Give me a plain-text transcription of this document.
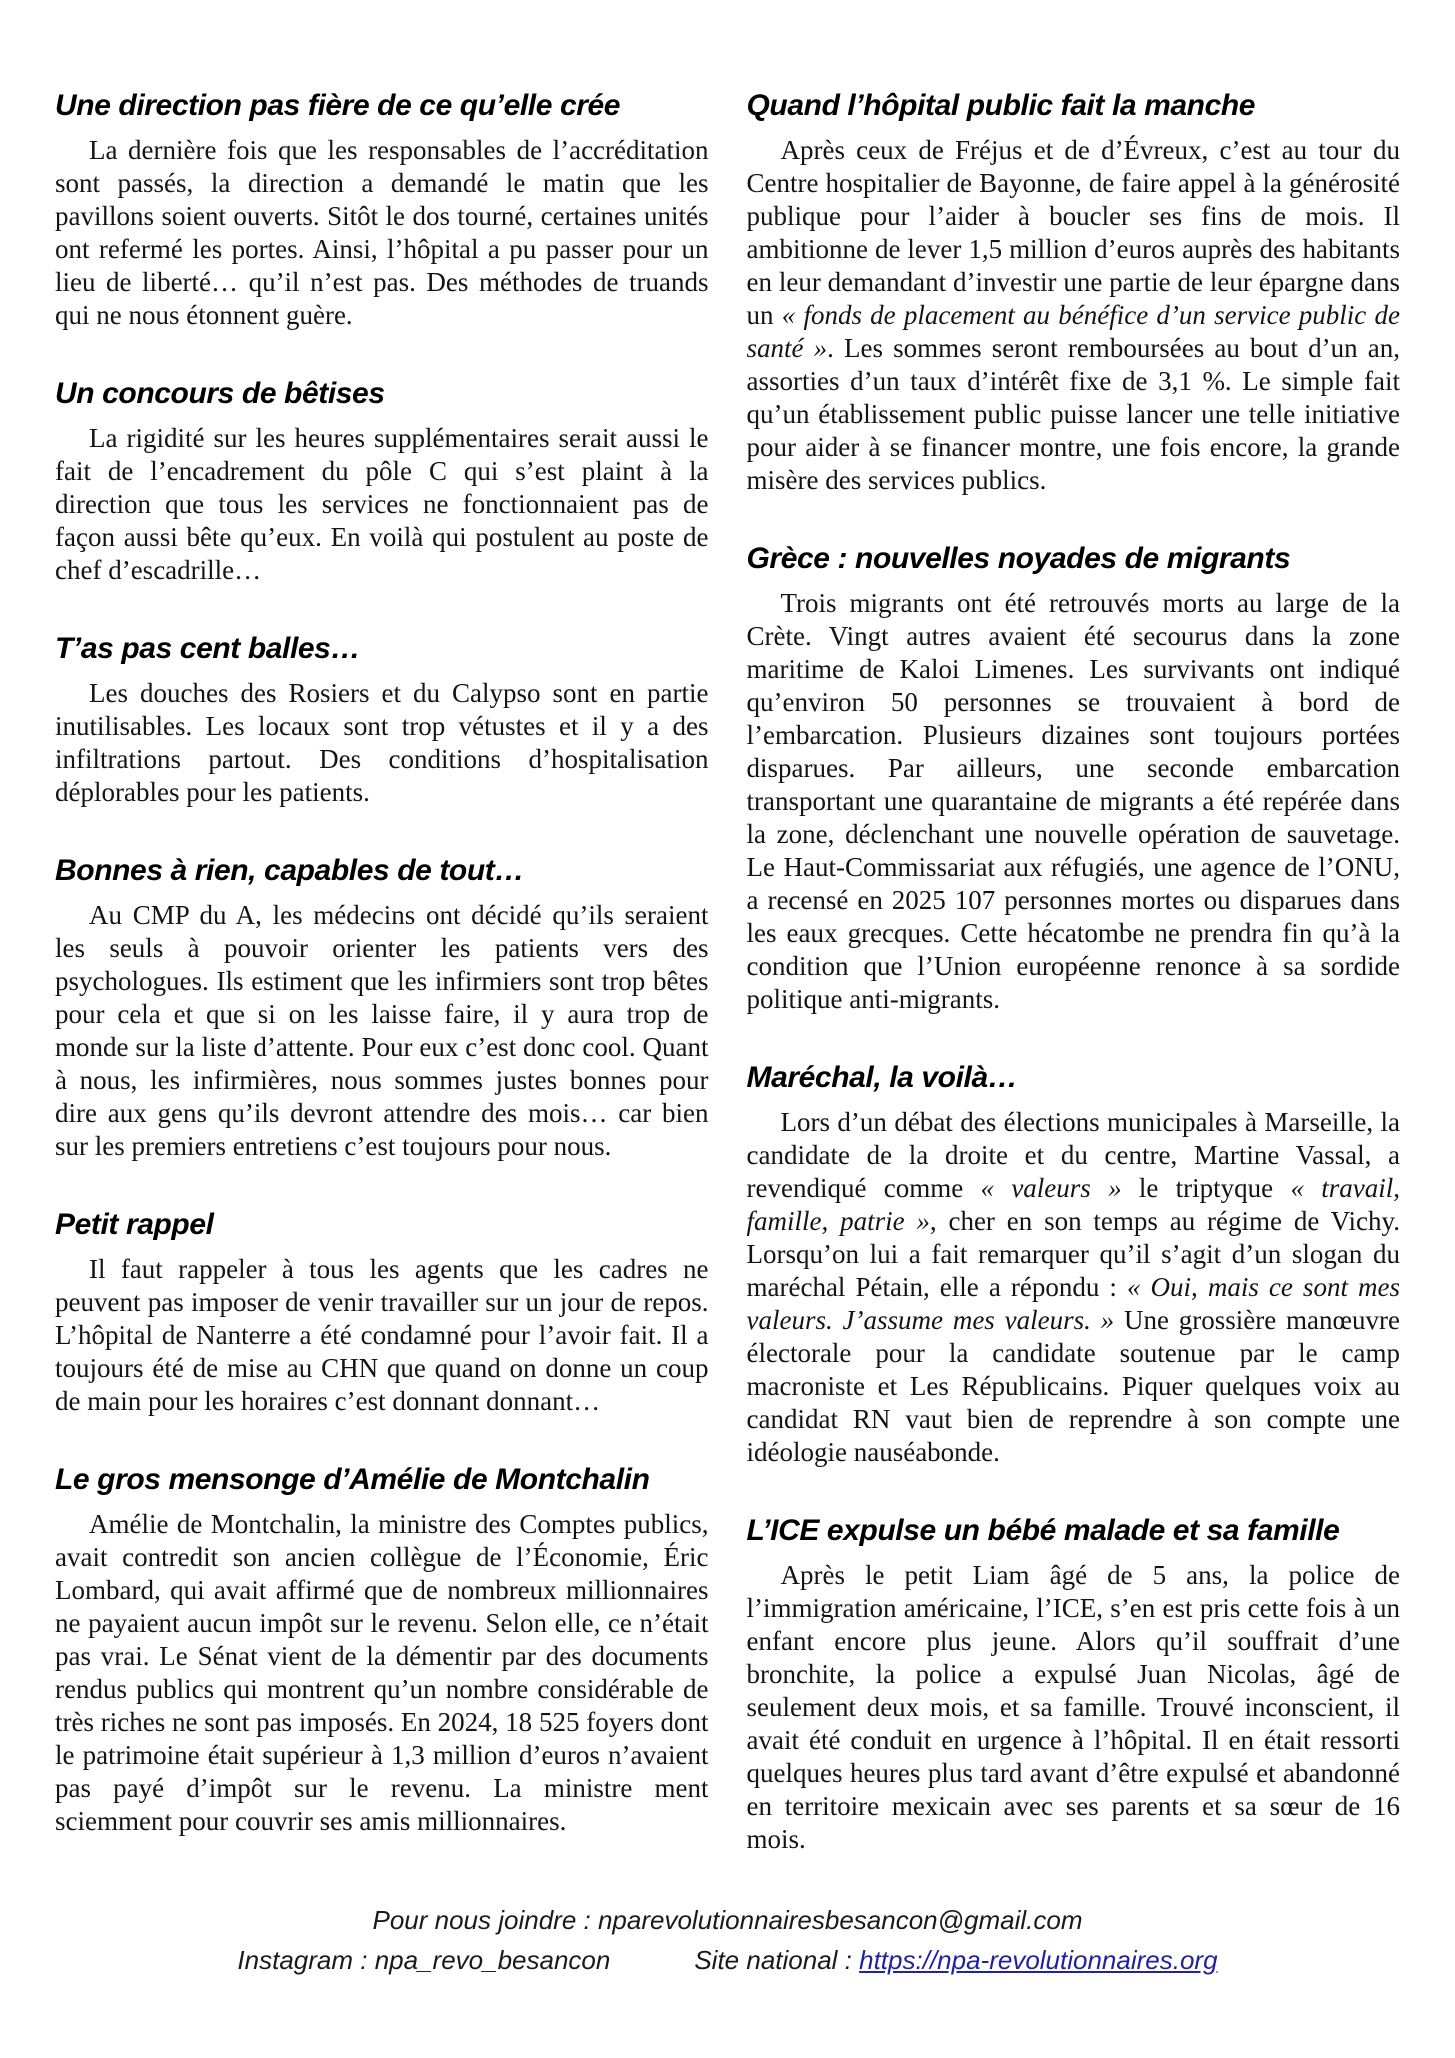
Une direction pas fière de ce qu’elle crée

La dernière fois que les responsables de l’accréditation sont passés, la direction a demandé le matin que les pavillons soient ouverts. Sitôt le dos tourné, certaines unités ont refermé les portes. Ainsi, l’hôpital a pu passer pour un lieu de liberté… qu’il n’est pas. Des méthodes de truands qui ne nous étonnent guère.

Un concours de bêtises

La rigidité sur les heures supplémentaires serait aussi le fait de l’encadrement du pôle C qui s’est plaint à la direction que tous les services ne fonctionnaient pas de façon aussi bête qu’eux. En voilà qui postulent au poste de chef d’escadrille…

T’as pas cent balles…

Les douches des Rosiers et du Calypso sont en partie inutilisables. Les locaux sont trop vétustes et il y a des infiltrations partout. Des conditions d’hospitalisation déplorables pour les patients.

Bonnes à rien, capables de tout…

Au CMP du A, les médecins ont décidé qu’ils seraient les seuls à pouvoir orienter les patients vers des psychologues. Ils estiment que les infirmiers sont trop bêtes pour cela et que si on les laisse faire, il y aura trop de monde sur la liste d’attente. Pour eux c’est donc cool. Quant à nous, les infirmières, nous sommes justes bonnes pour dire aux gens qu’ils devront attendre des mois… car bien sur les premiers entretiens c’est toujours pour nous.

Petit rappel

Il faut rappeler à tous les agents que les cadres ne peuvent pas imposer de venir travailler sur un jour de repos. L’hôpital de Nanterre a été condamné pour l’avoir fait. Il a toujours été de mise au CHN que quand on donne un coup de main pour les horaires c’est donnant donnant…

Le gros mensonge d’Amélie de Montchalin

Amélie de Montchalin, la ministre des Comptes publics, avait contredit son ancien collègue de l’Économie, Éric Lombard, qui avait affirmé que de nombreux millionnaires ne payaient aucun impôt sur le revenu. Selon elle, ce n’était pas vrai. Le Sénat vient de la démentir par des documents rendus publics qui montrent qu’un nombre considérable de très riches ne sont pas imposés. En 2024, 18 525 foyers dont le patrimoine était supérieur à 1,3 million d’euros n’avaient pas payé d’impôt sur le revenu. La ministre ment sciemment pour couvrir ses amis millionnaires.

Quand l’hôpital public fait la manche

Après ceux de Fréjus et de d’Évreux, c’est au tour du Centre hospitalier de Bayonne, de faire appel à la générosité publique pour l’aider à boucler ses fins de mois. Il ambitionne de lever 1,5 million d’euros auprès des habitants en leur demandant d’investir une partie de leur épargne dans un « fonds de placement au bénéfice d’un service public de santé ». Les sommes seront remboursées au bout d’un an, assorties d’un taux d’intérêt fixe de 3,1 %. Le simple fait qu’un établissement public puisse lancer une telle initiative pour aider à se financer montre, une fois encore, la grande misère des services publics.

Grèce : nouvelles noyades de migrants

Trois migrants ont été retrouvés morts au large de la Crète. Vingt autres avaient été secourus dans la zone maritime de Kaloi Limenes. Les survivants ont indiqué qu’environ 50 personnes se trouvaient à bord de l’embarcation. Plusieurs dizaines sont toujours portées disparues. Par ailleurs, une seconde embarcation transportant une quarantaine de migrants a été repérée dans la zone, déclenchant une nouvelle opération de sauvetage. Le Haut-Commissariat aux réfugiés, une agence de l’ONU, a recensé en 2025 107 personnes mortes ou disparues dans les eaux grecques. Cette hécatombe ne prendra fin qu’à la condition que l’Union européenne renonce à sa sordide politique anti-migrants.

Maréchal, la voilà…

Lors d’un débat des élections municipales à Marseille, la candidate de la droite et du centre, Martine Vassal, a revendiqué comme « valeurs » le triptyque « travail, famille, patrie », cher en son temps au régime de Vichy. Lorsqu’on lui a fait remarquer qu’il s’agit d’un slogan du maréchal Pétain, elle a répondu : « Oui, mais ce sont mes valeurs. J’assume mes valeurs. » Une grossière manœuvre électorale pour la candidate soutenue par le camp macroniste et Les Républicains. Piquer quelques voix au candidat RN vaut bien de reprendre à son compte une idéologie nauséabonde.

L’ICE expulse un bébé malade et sa famille

Après le petit Liam âgé de 5 ans, la police de l’immigration américaine, l’ICE, s’en est pris cette fois à un enfant encore plus jeune. Alors qu’il souffrait d’une bronchite, la police a expulsé Juan Nicolas, âgé de seulement deux mois, et sa famille. Trouvé inconscient, il avait été conduit en urgence à l’hôpital. Il en était ressorti quelques heures plus tard avant d’être expulsé et abandonné en territoire mexicain avec ses parents et sa sœur de 16 mois.

Pour nous joindre : nparevolutionnairesbesancon@gmail.com
Instagram : npa_revo_besancon	Site national : https://npa-revolutionnaires.org
